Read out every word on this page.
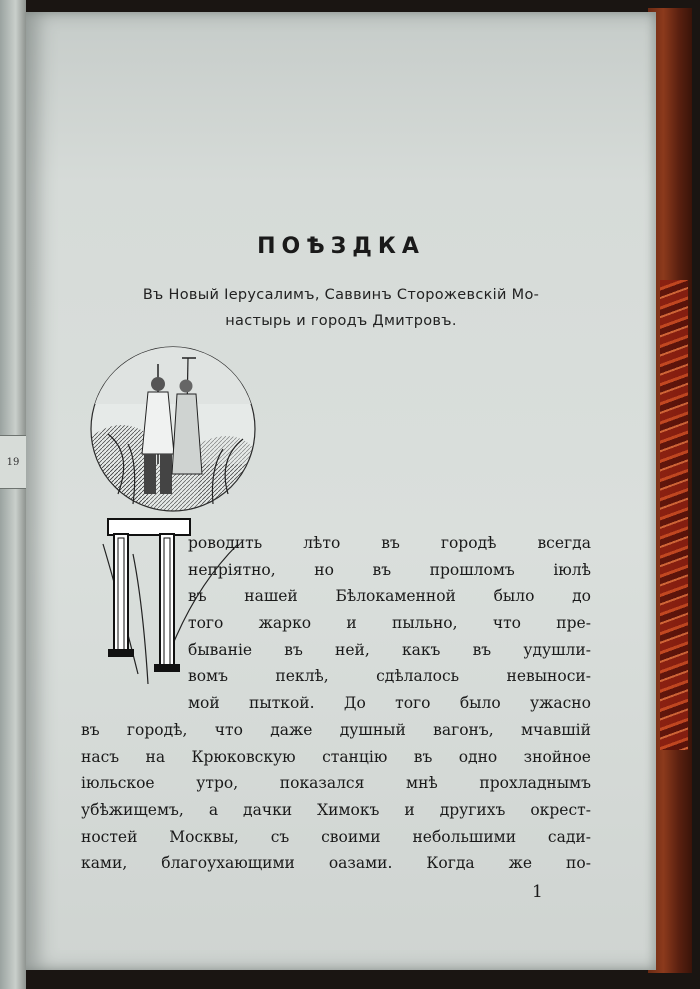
19
ПОѢЗДКА
Въ Новый Іерусалимъ, Саввинъ Сторожевскій Мо-
настырь и городъ Дмитровъ.
роводить	лѣто	въ	городѣ	всегда
непріятно, но въ прошломъ іюлѣ
въ нашей Бѣлокаменной было до
того жарко и пыльно, что пре-
бываніе въ ней, какъ въ удушли-
вомъ	пеклѣ,	сдѣлалось	невыноси-
мой пыткой. До того было ужасно
въ городѣ, что даже душный вагонъ, мчавшій
насъ на Крюковскую станцію въ одно знойное
іюльское	утро,	показался	мнѣ	прохладнымъ
убѣжищемъ, а дачки Химокъ и другихъ окрест-
ностей Москвы, съ своими небольшими сади-
ками, благоухающими оазами. Когда же по-
1
